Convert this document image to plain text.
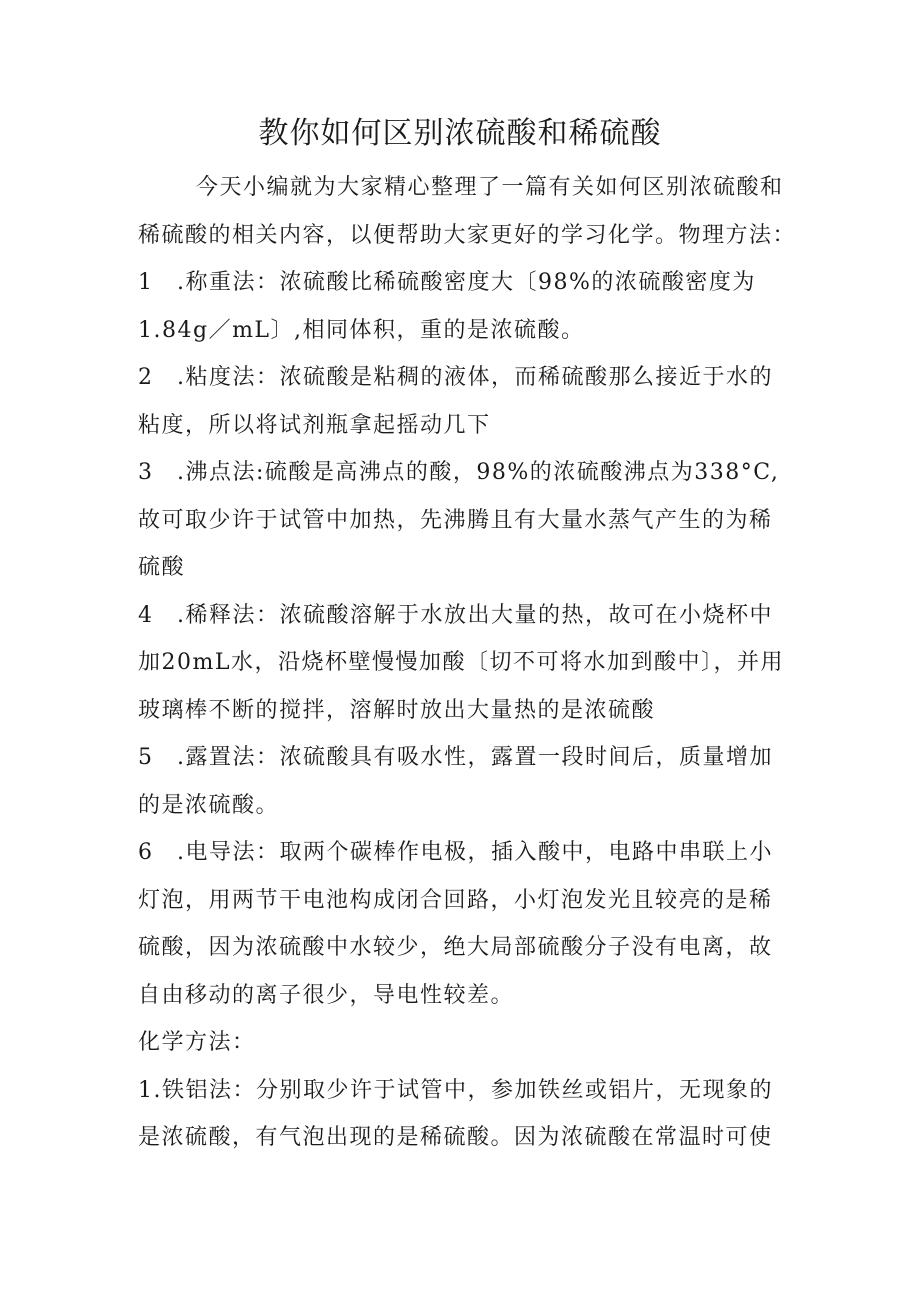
教你如何区别浓硫酸和稀硫酸

今天小编就为大家精心整理了一篇有关如何区别浓硫酸和

稀硫酸的相关内容，以便帮助大家更好的学习化学。物理方法：

1　.称重法：浓硫酸比稀硫酸密度大〔98%的浓硫酸密度为

1.84g／mL〕,相同体积，重的是浓硫酸。

2　.粘度法：浓硫酸是粘稠的液体，而稀硫酸那么接近于水的

粘度，所以将试剂瓶拿起摇动几下

3　.沸点法:硫酸是高沸点的酸，98%的浓硫酸沸点为338°C,

故可取少许于试管中加热，先沸腾且有大量水蒸气产生的为稀

硫酸

4　.稀释法：浓硫酸溶解于水放出大量的热，故可在小烧杯中

加20mL水，沿烧杯壁慢慢加酸〔切不可将水加到酸中〕，并用

玻璃棒不断的搅拌，溶解时放出大量热的是浓硫酸

5　.露置法：浓硫酸具有吸水性，露置一段时间后，质量增加

的是浓硫酸。

6　.电导法：取两个碳棒作电极，插入酸中，电路中串联上小

灯泡，用两节干电池构成闭合回路，小灯泡发光且较亮的是稀

硫酸，因为浓硫酸中水较少，绝大局部硫酸分子没有电离，故

自由移动的离子很少，导电性较差。

化学方法：

1.铁铝法：分别取少许于试管中，参加铁丝或铝片，无现象的

是浓硫酸，有气泡出现的是稀硫酸。因为浓硫酸在常温时可使
